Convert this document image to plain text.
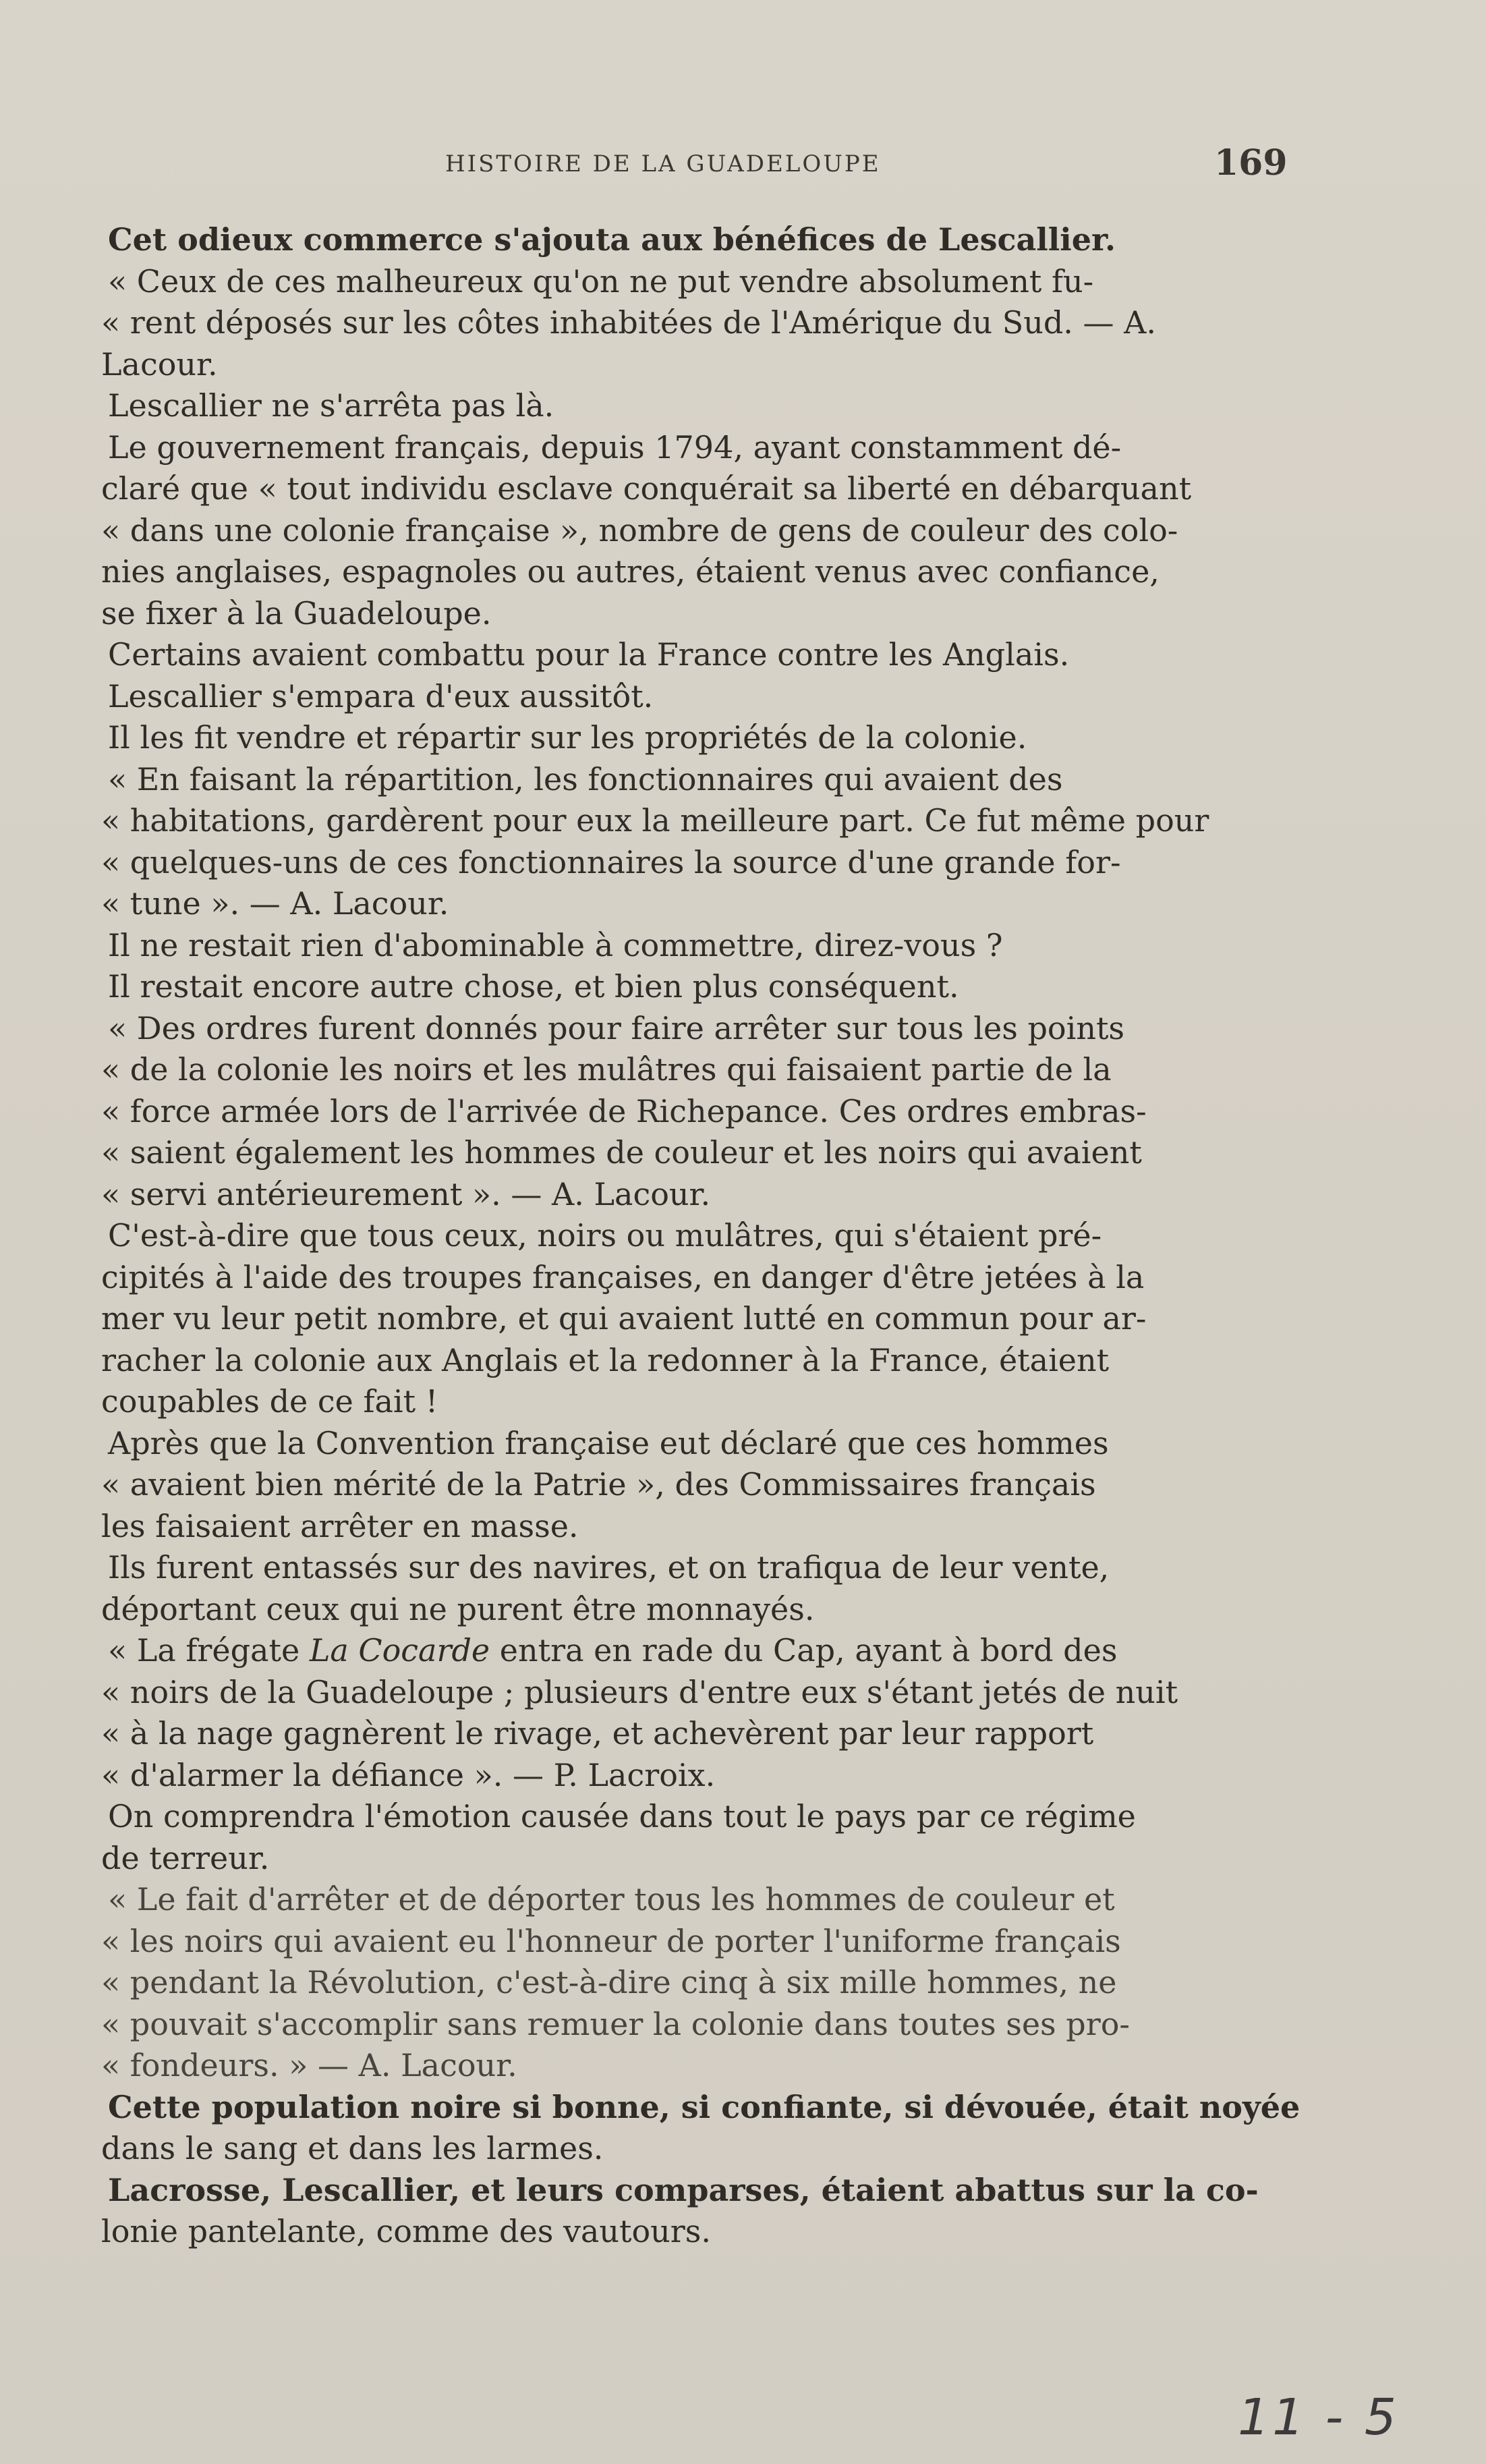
HISTOIRE DE LA GUADELOUPE	169
Cet odieux commerce s'ajouta aux bénéfices de Lescallier.
« Ceux de ces malheureux qu'on ne put vendre absolument fu-
« rent déposés sur les côtes inhabitées de l'Amérique du Sud. — A.
Lacour.
Lescallier ne s'arrêta pas là.
Le gouvernement français, depuis 1794, ayant constamment dé-
claré que « tout individu esclave conquérait sa liberté en débarquant
« dans une colonie française », nombre de gens de couleur des colo-
nies anglaises, espagnoles ou autres, étaient venus avec confiance,
se fixer à la Guadeloupe.
Certains avaient combattu pour la France contre les Anglais.
Lescallier s'empara d'eux aussitôt.
Il les fit vendre et répartir sur les propriétés de la colonie.
« En faisant la répartition, les fonctionnaires qui avaient des
« habitations, gardèrent pour eux la meilleure part. Ce fut même pour
« quelques-uns de ces fonctionnaires la source d'une grande for-
« tune ». — A. Lacour.
Il ne restait rien d'abominable à commettre, direz-vous ?
Il restait encore autre chose, et bien plus conséquent.
« Des ordres furent donnés pour faire arrêter sur tous les points
« de la colonie les noirs et les mulâtres qui faisaient partie de la
« force armée lors de l'arrivée de Richepance. Ces ordres embras-
« saient également les hommes de couleur et les noirs qui avaient
« servi antérieurement ». — A. Lacour.
C'est-à-dire que tous ceux, noirs ou mulâtres, qui s'étaient pré-
cipités à l'aide des troupes françaises, en danger d'être jetées à la
mer vu leur petit nombre, et qui avaient lutté en commun pour ar-
racher la colonie aux Anglais et la redonner à la France, étaient
coupables de ce fait !
Après que la Convention française eut déclaré que ces hommes
« avaient bien mérité de la Patrie », des Commissaires français
les faisaient arrêter en masse.
Ils furent entassés sur des navires, et on trafiqua de leur vente,
déportant ceux qui ne purent être monnayés.
« La frégate La Cocarde entra en rade du Cap, ayant à bord des
« noirs de la Guadeloupe ; plusieurs d'entre eux s'étant jetés de nuit
« à la nage gagnèrent le rivage, et achevèrent par leur rapport
« d'alarmer la défiance ». — P. Lacroix.
On comprendra l'émotion causée dans tout le pays par ce régime
de terreur.
« Le fait d'arrêter et de déporter tous les hommes de couleur et
« les noirs qui avaient eu l'honneur de porter l'uniforme français
« pendant la Révolution, c'est-à-dire cinq à six mille hommes, ne
« pouvait s'accomplir sans remuer la colonie dans toutes ses pro-
« fondeurs. » — A. Lacour.
Cette population noire si bonne, si confiante, si dévouée, était noyée
dans le sang et dans les larmes.
Lacrosse, Lescallier, et leurs comparses, étaient abattus sur la co-
lonie pantelante, comme des vautours.
11 - 5
